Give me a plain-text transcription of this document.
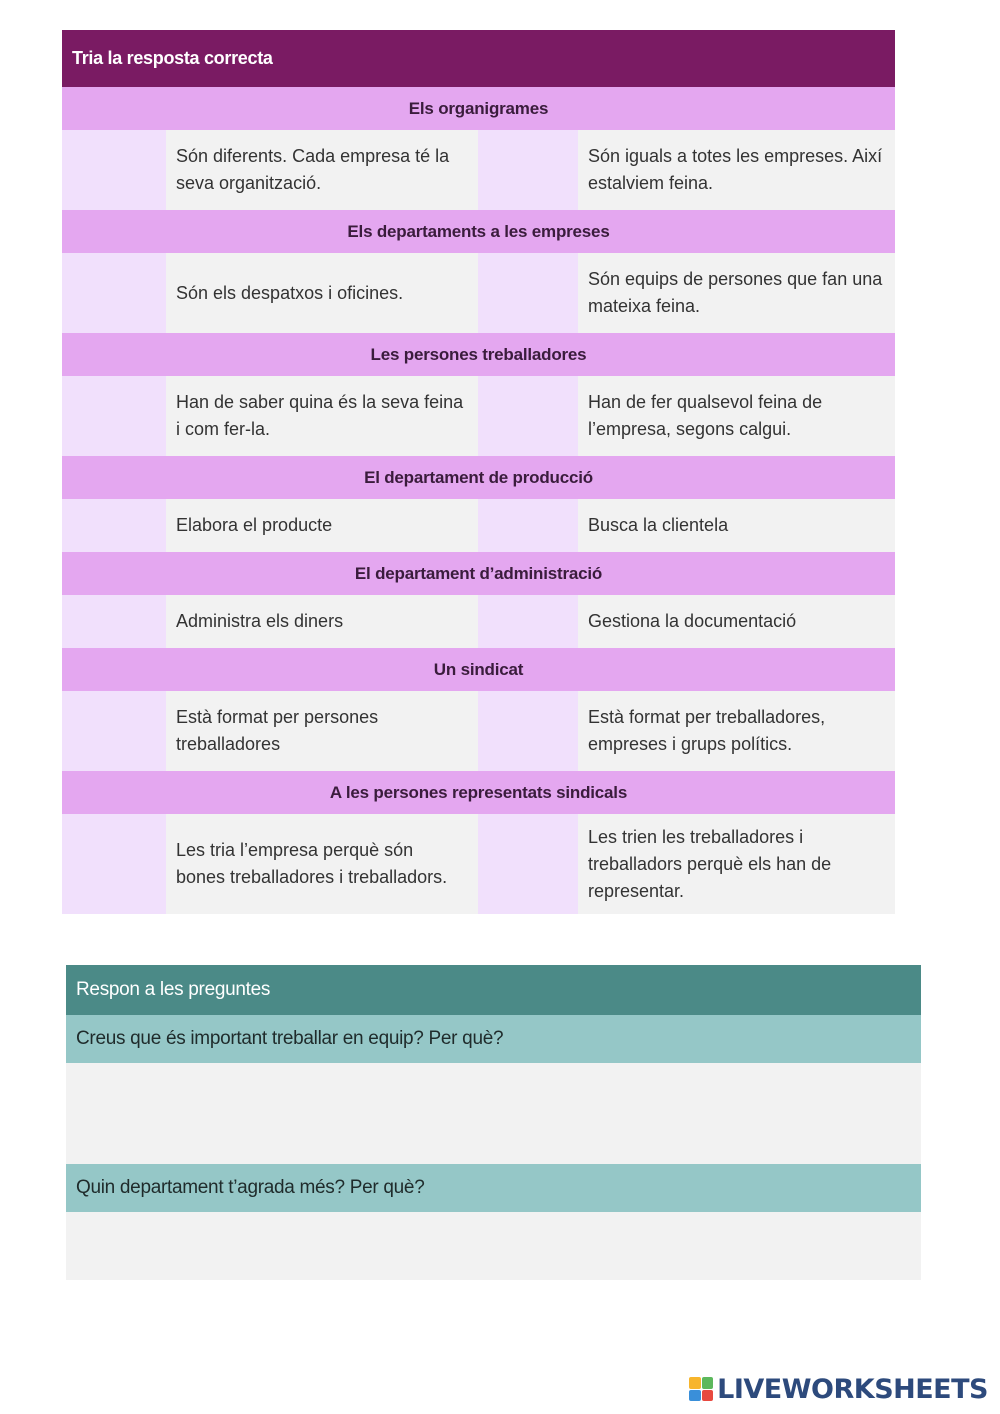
Tria la resposta correcta
Els organigrames
Són diferents. Cada empresa té la seva organització.
Són iguals a totes les empreses. Així estalviem feina.
Els departaments a les empreses
Són els despatxos i oficines.
Són equips de persones que fan una mateixa feina.
Les persones treballadores
Han de saber quina és la seva feina i com fer-la.
Han de fer qualsevol feina de l’empresa, segons calgui.
El departament de producció
Elabora el producte	Busca la clientela
El departament d’administració
Administra els diners	Gestiona la documentació
Un sindicat
Està format per persones treballadores
Està format per treballadores, empreses i grups polítics.
A les persones representats sindicals
Les tria l’empresa perquè són bones treballadores i treballadors.
Les trien les treballadores i treballadors perquè els han de representar.
Respon a les preguntes
Creus que és important treballar en equip? Per què?
Quin departament t’agrada més? Per què?
LIVEWORKSHEETS
